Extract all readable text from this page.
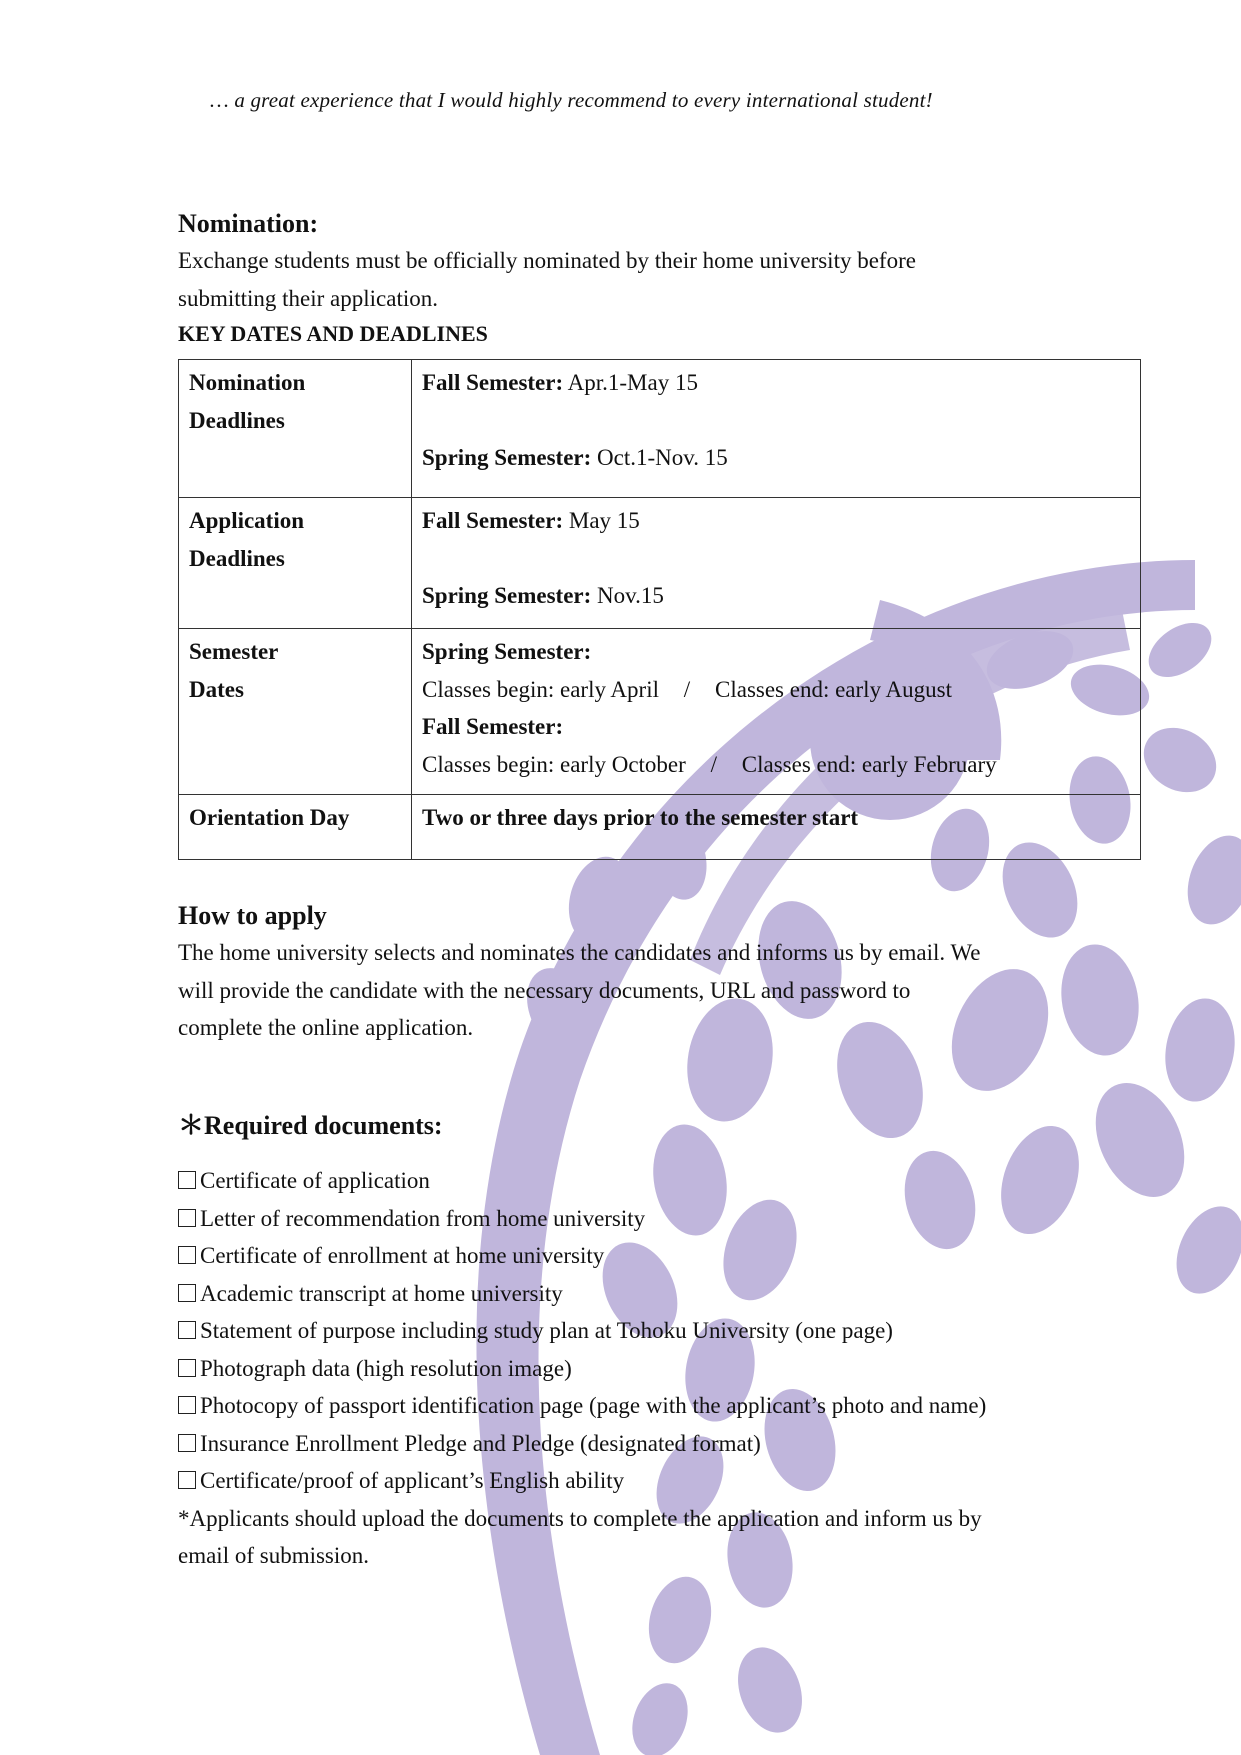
… a great experience that I would highly recommend to every international student!
Nomination:
Exchange students must be officially nominated by their home university before
submitting their application.
KEY DATES AND DEADLINES
Nomination
Deadlines	Fall Semester: Apr.1-May 15
Spring Semester: Oct.1-Nov. 15

Application
Deadlines	Fall Semester: May 15
Spring Semester: Nov.15

Semester
Dates	Spring Semester:
Classes begin: early April / Classes end: early August
Fall Semester:
Classes begin: early October / Classes end: early February

Orientation Day	Two or three days prior to the semester start
How to apply
The home university selects and nominates the candidates and informs us by email. We
will provide the candidate with the necessary documents, URL and password to
complete the online application.
＊Required documents:
Certificate of application
Letter of recommendation from home university
Certificate of enrollment at home university
Academic transcript at home university
Statement of purpose including study plan at Tohoku University (one page)
Photograph data (high resolution image)
Photocopy of passport identification page (page with the applicant’s photo and name)
Insurance Enrollment Pledge and Pledge (designated format)
Certificate/proof of applicant’s English ability
*Applicants should upload the documents to complete the application and inform us by
email of submission.
